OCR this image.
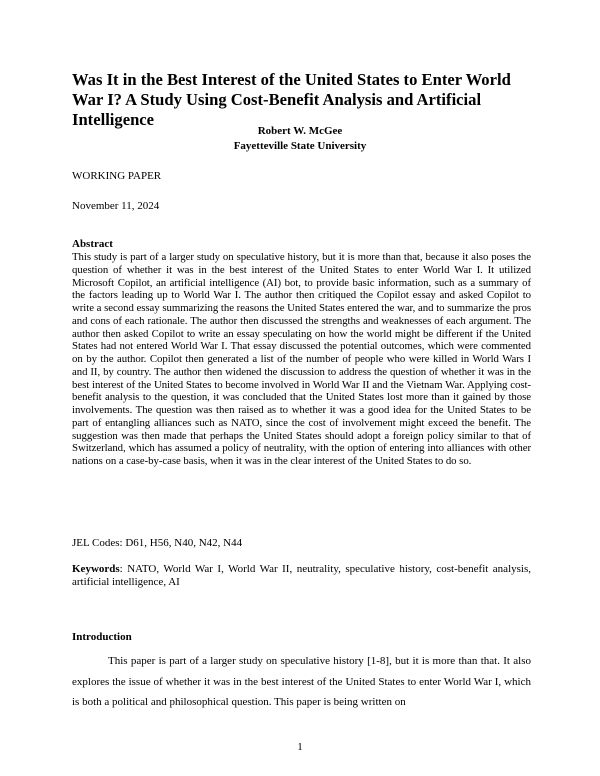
Was It in the Best Interest of the United States to Enter World War I? A Study Using Cost-Benefit Analysis and Artificial Intelligence
Robert W. McGee
Fayetteville State University
WORKING PAPER
November 11, 2024
Abstract

This study is part of a larger study on speculative history, but it is more than that, because it also poses the question of whether it was in the best interest of the United States to enter World War I. It utilized Microsoft Copilot, an artificial intelligence (AI) bot, to provide basic information, such as a summary of the factors leading up to World War I. The author then critiqued the Copilot essay and asked Copilot to write a second essay summarizing the reasons the United States entered the war, and to summarize the pros and cons of each rationale. The author then discussed the strengths and weaknesses of each argument. The author then asked Copilot to write an essay speculating on how the world might be different if the United States had not entered World War I. That essay discussed the potential outcomes, which were commented on by the author. Copilot then generated a list of the number of people who were killed in World Wars I and II, by country. The author then widened the discussion to address the question of whether it was in the best interest of the United States to become involved in World War II and the Vietnam War. Applying cost-benefit analysis to the question, it was concluded that the United States lost more than it gained by those involvements. The question was then raised as to whether it was a good idea for the United States to be part of entangling alliances such as NATO, since the cost of involvement might exceed the benefit. The suggestion was then made that perhaps the United States should adopt a foreign policy similar to that of Switzerland, which has assumed a policy of neutrality, with the option of entering into alliances with other nations on a case-by-case basis, when it was in the clear interest of the United States to do so.

JEL Codes: D61, H56, N40, N42, N44

Keywords: NATO, World War I, World War II, neutrality, speculative history, cost-benefit analysis, artificial intelligence, AI

Introduction

This paper is part of a larger study on speculative history [1-8], but it is more than that. It also explores the issue of whether it was in the best interest of the United States to enter World War I, which is both a political and philosophical question. This paper is being written on

1
